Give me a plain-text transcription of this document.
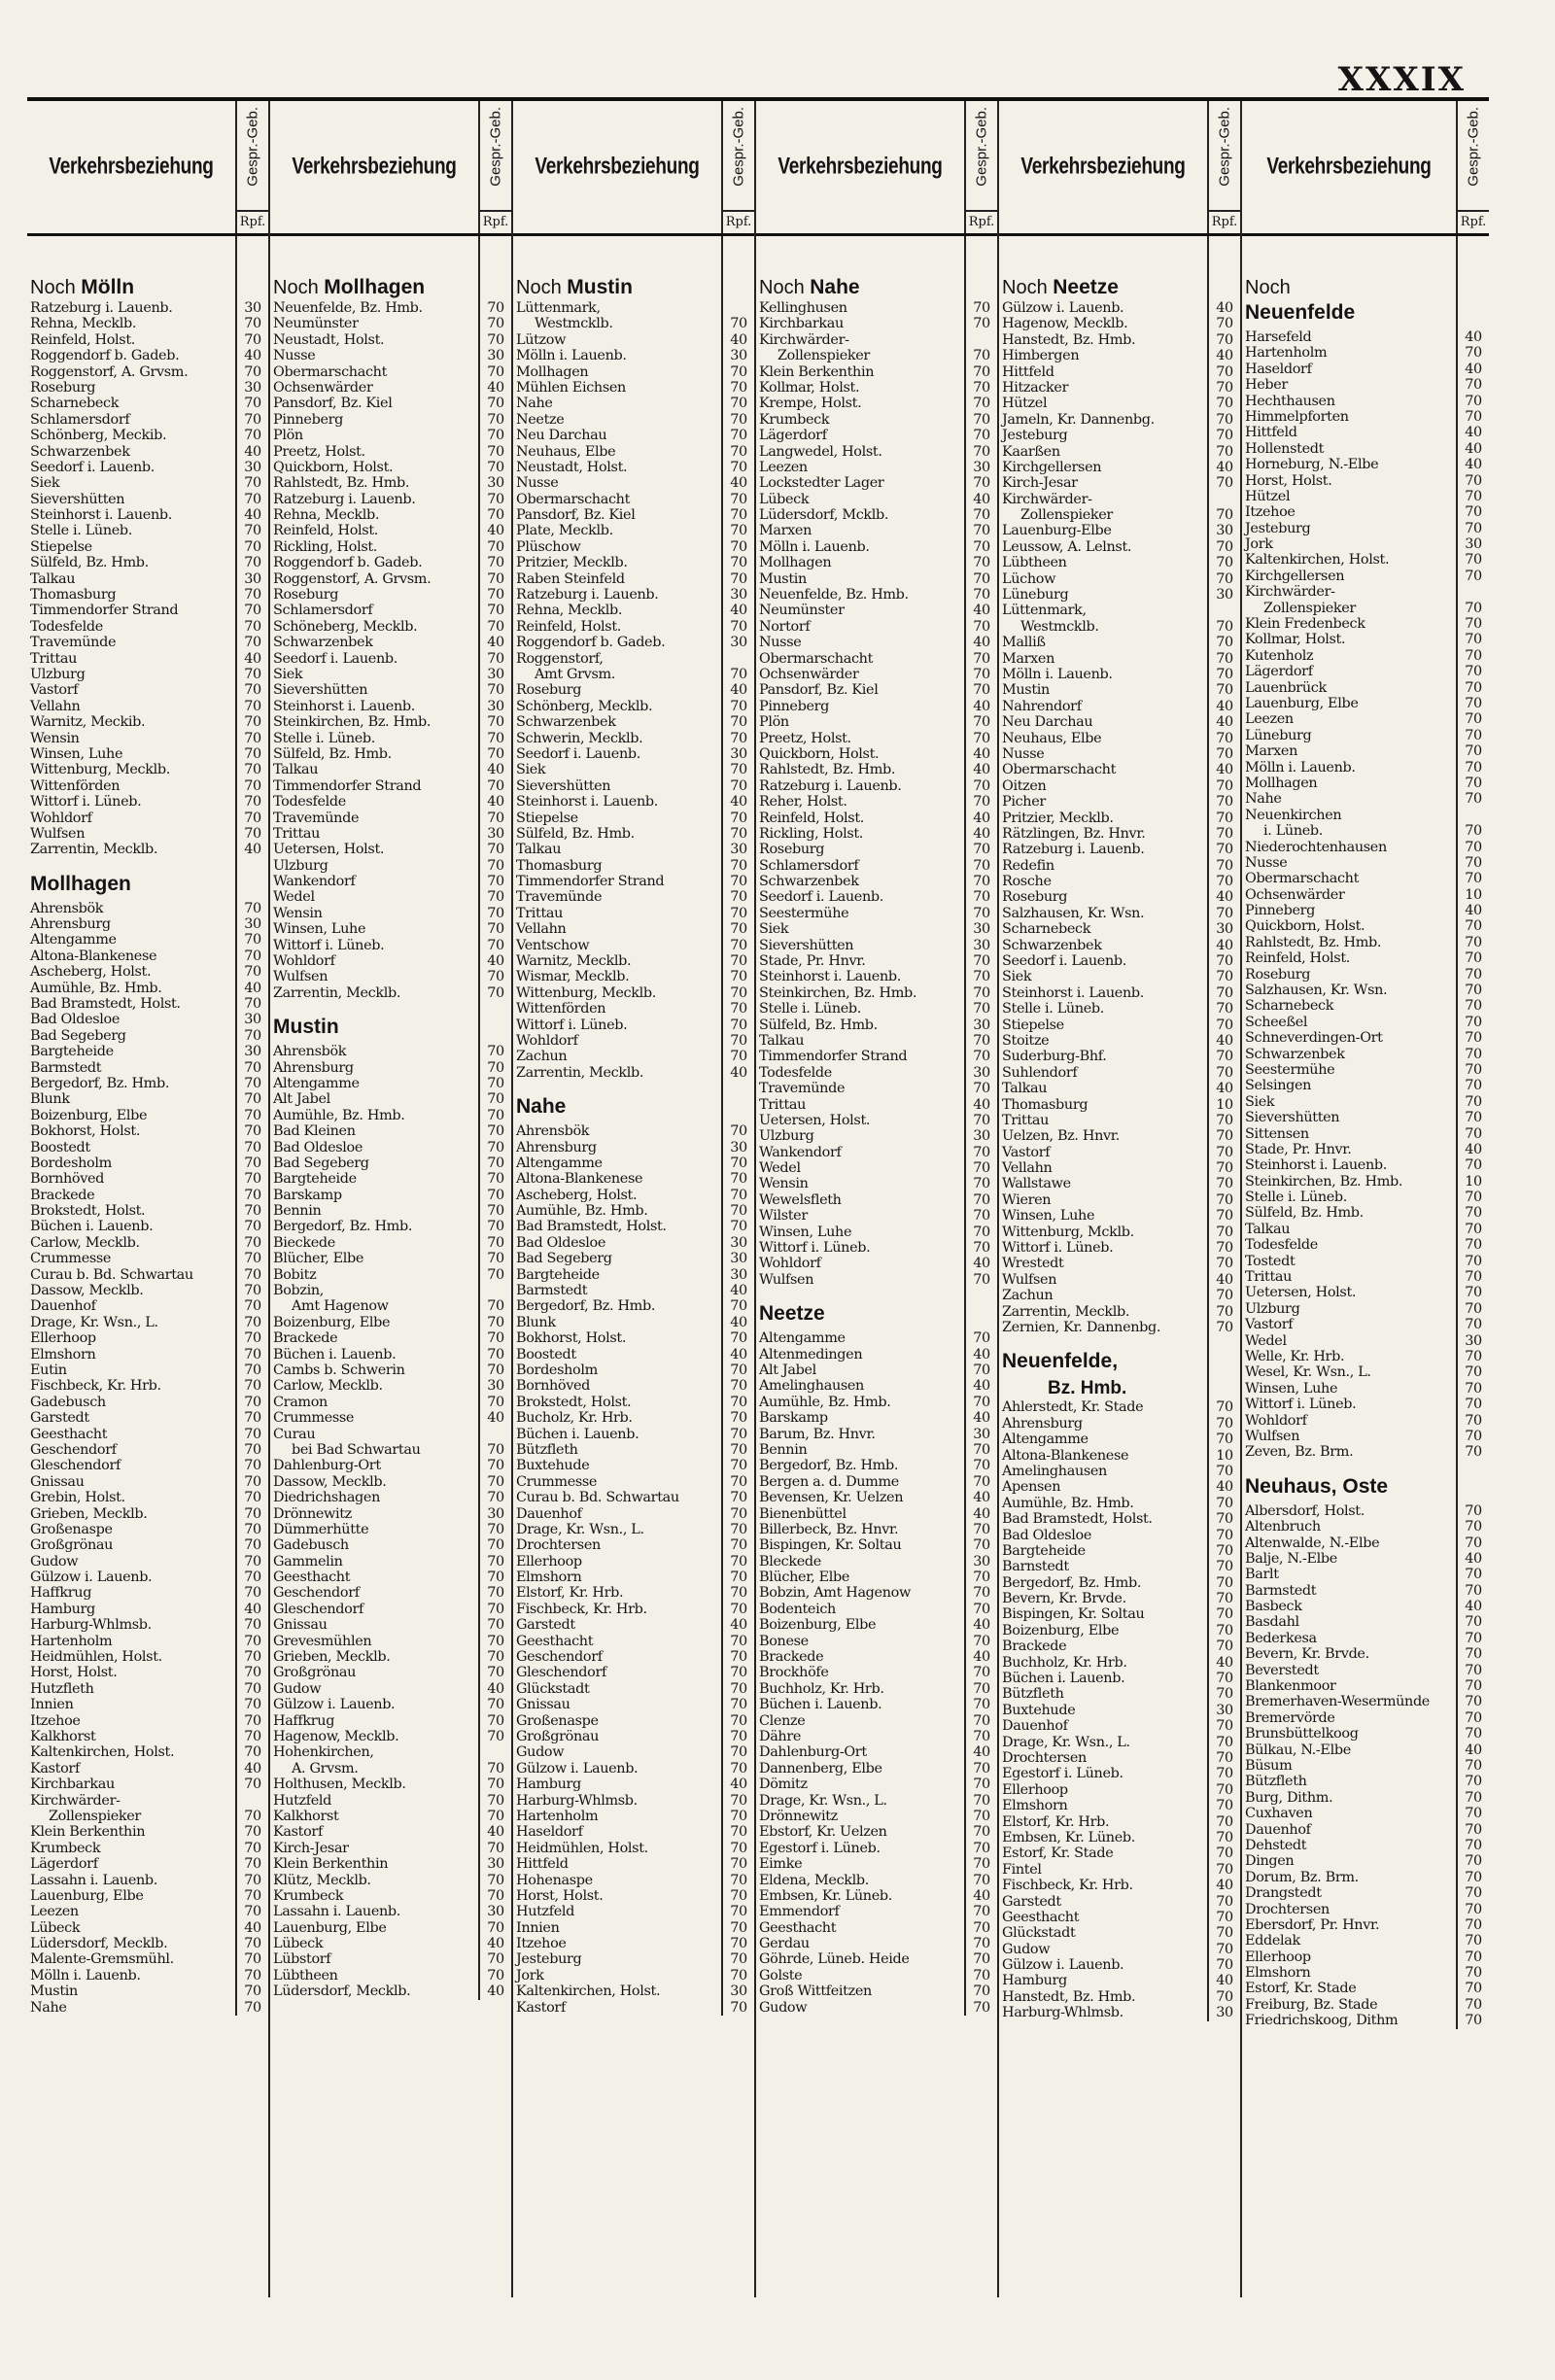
XXXIX
Verkehrsbeziehung	Gespr.-Geb.
Rpf.
Noch Mölln
Ratzeburg i. Lauenb.	30
Rehna, Mecklb.	70
Reinfeld, Holst.	70
Roggendorf b. Gadeb.	40
Roggenstorf, A. Grvsm.	70
Roseburg	30
Scharnebeck	70
Schlamersdorf	70
Schönberg, Meckib.	70
Schwarzenbek	40
Seedorf i. Lauenb.	30
Siek	70
Sievershütten	70
Steinhorst i. Lauenb.	40
Stelle i. Lüneb.	70
Stiepelse	70
Sülfeld, Bz. Hmb.	70
Talkau	30
Thomasburg	70
Timmendorfer Strand	70
Todesfelde	70
Travemünde	70
Trittau	40
Ulzburg	70
Vastorf	70
Vellahn	70
Warnitz, Meckib.	70
Wensin	70
Winsen, Luhe	70
Wittenburg, Mecklb.	70
Wittenförden	70
Wittorf i. Lüneb.	70
Wohldorf	70
Wulfsen	70
Zarrentin, Mecklb.	40
Mollhagen
Ahrensbök	70
Ahrensburg	30
Altengamme	70
Altona-Blankenese	70
Ascheberg, Holst.	70
Aumühle, Bz. Hmb.	40
Bad Bramstedt, Holst.	70
Bad Oldesloe	30
Bad Segeberg	70
Bargteheide	30
Barmstedt	70
Bergedorf, Bz. Hmb.	70
Blunk	70
Boizenburg, Elbe	70
Bokhorst, Holst.	70
Boostedt	70
Bordesholm	70
Bornhöved	70
Brackede	70
Brokstedt, Holst.	70
Büchen i. Lauenb.	70
Carlow, Mecklb.	70
Crummesse	70
Curau b. Bd. Schwartau	70
Dassow, Mecklb.	70
Dauenhof	70
Drage, Kr. Wsn., L.	70
Ellerhoop	70
Elmshorn	70
Eutin	70
Fischbeck, Kr. Hrb.	70
Gadebusch	70
Garstedt	70
Geesthacht	70
Geschendorf	70
Gleschendorf	70
Gnissau	70
Grebin, Holst.	70
Grieben, Mecklb.	70
Großenaspe	70
Großgrönau	70
Gudow	70
Gülzow i. Lauenb.	70
Haffkrug	70
Hamburg	40
Harburg-Whlmsb.	70
Hartenholm	70
Heidmühlen, Holst.	70
Horst, Holst.	70
Hutzfleth	70
Innien	70
Itzehoe	70
Kalkhorst	70
Kaltenkirchen, Holst.	70
Kastorf	40
Kirchbarkau	70
Kirchwärder-
Zollenspieker	70
Klein Berkenthin	70
Krumbeck	70
Lägerdorf	70
Lassahn i. Lauenb.	70
Lauenburg, Elbe	70
Leezen	70
Lübeck	40
Lüdersdorf, Mecklb.	70
Malente-Gremsmühl.	70
Mölln i. Lauenb.	70
Mustin	70
Nahe	70
Verkehrsbeziehung	Gespr.-Geb.
Rpf.
Noch Mollhagen
Neuenfelde, Bz. Hmb.	70
Neumünster	70
Neustadt, Holst.	70
Nusse	30
Obermarschacht	70
Ochsenwärder	40
Pansdorf, Bz. Kiel	70
Pinneberg	70
Plön	70
Preetz, Holst.	70
Quickborn, Holst.	70
Rahlstedt, Bz. Hmb.	30
Ratzeburg i. Lauenb.	70
Rehna, Mecklb.	70
Reinfeld, Holst.	40
Rickling, Holst.	70
Roggendorf b. Gadeb.	70
Roggenstorf, A. Grvsm.	70
Roseburg	70
Schlamersdorf	70
Schöneberg, Mecklb.	70
Schwarzenbek	40
Seedorf i. Lauenb.	70
Siek	30
Sievershütten	70
Steinhorst i. Lauenb.	30
Steinkirchen, Bz. Hmb.	70
Stelle i. Lüneb.	70
Sülfeld, Bz. Hmb.	70
Talkau	40
Timmendorfer Strand	70
Todesfelde	40
Travemünde	70
Trittau	30
Uetersen, Holst.	70
Ulzburg	70
Wankendorf	70
Wedel	70
Wensin	70
Winsen, Luhe	70
Wittorf i. Lüneb.	70
Wohldorf	40
Wulfsen	70
Zarrentin, Mecklb.	70
Mustin
Ahrensbök	70
Ahrensburg	70
Altengamme	70
Alt Jabel	70
Aumühle, Bz. Hmb.	70
Bad Kleinen	70
Bad Oldesloe	70
Bad Segeberg	70
Bargteheide	70
Barskamp	70
Bennin	70
Bergedorf, Bz. Hmb.	70
Bieckede	70
Blücher, Elbe	70
Bobitz	70
Bobzin,
Amt Hagenow	70
Boizenburg, Elbe	70
Brackede	70
Büchen i. Lauenb.	70
Cambs b. Schwerin	70
Carlow, Mecklb.	30
Cramon	70
Crummesse	40
Curau
bei Bad Schwartau	70
Dahlenburg-Ort	70
Dassow, Mecklb.	70
Diedrichshagen	70
Drönnewitz	30
Dümmerhütte	70
Gadebusch	70
Gammelin	70
Geesthacht	70
Geschendorf	70
Gleschendorf	70
Gnissau	70
Grevesmühlen	70
Grieben, Mecklb.	70
Großgrönau	70
Gudow	40
Gülzow i. Lauenb.	70
Haffkrug	70
Hagenow, Mecklb.	70
Hohenkirchen,
A. Grvsm.	70
Holthusen, Mecklb.	70
Hutzfeld	70
Kalkhorst	70
Kastorf	40
Kirch-Jesar	70
Klein Berkenthin	30
Klütz, Mecklb.	70
Krumbeck	70
Lassahn i. Lauenb.	30
Lauenburg, Elbe	70
Lübeck	40
Lübstorf	70
Lübtheen	70
Lüdersdorf, Mecklb.	40
Verkehrsbeziehung	Gespr.-Geb.
Rpf.
Noch Mustin
Lüttenmark,
Westmcklb.	70
Lützow	40
Mölln i. Lauenb.	30
Mollhagen	70
Mühlen Eichsen	70
Nahe	70
Neetze	70
Neu Darchau	70
Neuhaus, Elbe	70
Neustadt, Holst.	70
Nusse	40
Obermarschacht	70
Pansdorf, Bz. Kiel	70
Plate, Mecklb.	70
Plüschow	70
Pritzier, Mecklb.	70
Raben Steinfeld	70
Ratzeburg i. Lauenb.	30
Rehna, Mecklb.	40
Reinfeld, Holst.	70
Roggendorf b. Gadeb.	30
Roggenstorf,
Amt Grvsm.	70
Roseburg	40
Schönberg, Mecklb.	70
Schwarzenbek	70
Schwerin, Mecklb.	70
Seedorf i. Lauenb.	30
Siek	70
Sievershütten	70
Steinhorst i. Lauenb.	40
Stiepelse	70
Sülfeld, Bz. Hmb.	70
Talkau	30
Thomasburg	70
Timmendorfer Strand	70
Travemünde	70
Trittau	70
Vellahn	70
Ventschow	70
Warnitz, Mecklb.	70
Wismar, Mecklb.	70
Wittenburg, Mecklb.	70
Wittenförden	70
Wittorf i. Lüneb.	70
Wohldorf	70
Zachun	70
Zarrentin, Mecklb.	40
Nahe
Ahrensbök	70
Ahrensburg	30
Altengamme	70
Altona-Blankenese	70
Ascheberg, Holst.	70
Aumühle, Bz. Hmb.	70
Bad Bramstedt, Holst.	70
Bad Oldesloe	30
Bad Segeberg	30
Bargteheide	30
Barmstedt	40
Bergedorf, Bz. Hmb.	70
Blunk	40
Bokhorst, Holst.	70
Boostedt	40
Bordesholm	70
Bornhöved	70
Brokstedt, Holst.	70
Bucholz, Kr. Hrb.	70
Büchen i. Lauenb.	70
Bützfleth	70
Buxtehude	70
Crummesse	70
Curau b. Bd. Schwartau	70
Dauenhof	70
Drage, Kr. Wsn., L.	70
Drochtersen	70
Ellerhoop	70
Elmshorn	70
Elstorf, Kr. Hrb.	70
Fischbeck, Kr. Hrb.	70
Garstedt	40
Geesthacht	70
Geschendorf	70
Gleschendorf	70
Glückstadt	70
Gnissau	70
Großenaspe	70
Großgrönau	70
Gudow	70
Gülzow i. Lauenb.	70
Hamburg	40
Harburg-Whlmsb.	70
Hartenholm	70
Haseldorf	70
Heidmühlen, Holst.	70
Hittfeld	70
Hohenaspe	70
Horst, Holst.	70
Hutzfeld	70
Innien	70
Itzehoe	70
Jesteburg	70
Jork	70
Kaltenkirchen, Holst.	30
Kastorf	70
Verkehrsbeziehung	Gespr.-Geb.
Rpf.
Noch Nahe
Kellinghusen	70
Kirchbarkau	70
Kirchwärder-
Zollenspieker	70
Klein Berkenthin	70
Kollmar, Holst.	70
Krempe, Holst.	70
Krumbeck	70
Lägerdorf	70
Langwedel, Holst.	70
Leezen	30
Lockstedter Lager	70
Lübeck	40
Lüdersdorf, Mcklb.	70
Marxen	70
Mölln i. Lauenb.	70
Mollhagen	70
Mustin	70
Neuenfelde, Bz. Hmb.	70
Neumünster	40
Nortorf	70
Nusse	40
Obermarschacht	70
Ochsenwärder	70
Pansdorf, Bz. Kiel	70
Pinneberg	40
Plön	70
Preetz, Holst.	70
Quickborn, Holst.	40
Rahlstedt, Bz. Hmb.	40
Ratzeburg i. Lauenb.	70
Reher, Holst.	70
Reinfeld, Holst.	40
Rickling, Holst.	40
Roseburg	70
Schlamersdorf	70
Schwarzenbek	70
Seedorf i. Lauenb.	70
Seestermühe	70
Siek	30
Sievershütten	30
Stade, Pr. Hnvr.	70
Steinhorst i. Lauenb.	70
Steinkirchen, Bz. Hmb.	70
Stelle i. Lüneb.	70
Sülfeld, Bz. Hmb.	30
Talkau	70
Timmendorfer Strand	70
Todesfelde	30
Travemünde	70
Trittau	40
Uetersen, Holst.	70
Ulzburg	30
Wankendorf	70
Wedel	70
Wensin	70
Wewelsfleth	70
Wilster	70
Winsen, Luhe	70
Wittorf i. Lüneb.	70
Wohldorf	40
Wulfsen	70
Neetze
Altengamme	70
Altenmedingen	40
Alt Jabel	70
Amelinghausen	40
Aumühle, Bz. Hmb.	70
Barskamp	40
Barum, Bz. Hnvr.	30
Bennin	70
Bergedorf, Bz. Hmb.	70
Bergen a. d. Dumme	70
Bevensen, Kr. Uelzen	40
Bienenbüttel	40
Billerbeck, Bz. Hnvr.	70
Bispingen, Kr. Soltau	70
Bleckede	30
Blücher, Elbe	70
Bobzin, Amt Hagenow	70
Bodenteich	70
Boizenburg, Elbe	40
Bonese	70
Brackede	40
Brockhöfe	70
Buchholz, Kr. Hrb.	70
Büchen i. Lauenb.	70
Clenze	70
Dähre	70
Dahlenburg-Ort	40
Dannenberg, Elbe	70
Dömitz	70
Drage, Kr. Wsn., L.	70
Drönnewitz	70
Ebstorf, Kr. Uelzen	70
Egestorf i. Lüneb.	70
Eimke	70
Eldena, Mecklb.	70
Embsen, Kr. Lüneb.	40
Emmendorf	70
Geesthacht	70
Gerdau	70
Göhrde, Lüneb. Heide	70
Golste	70
Groß Wittfeitzen	70
Gudow	70
Verkehrsbeziehung	Gespr.-Geb.
Rpf.
Noch Neetze
Gülzow i. Lauenb.	40
Hagenow, Mecklb.	70
Hanstedt, Bz. Hmb.	70
Himbergen	40
Hittfeld	70
Hitzacker	70
Hützel	70
Jameln, Kr. Dannenbg.	70
Jesteburg	70
Kaarßen	70
Kirchgellersen	40
Kirch-Jesar	70
Kirchwärder-
Zollenspieker	70
Lauenburg-Elbe	30
Leussow, A. Lelnst.	70
Lübtheen	70
Lüchow	70
Lüneburg	30
Lüttenmark,
Westmcklb.	70
Malliß	70
Marxen	70
Mölln i. Lauenb.	70
Mustin	70
Nahrendorf	40
Neu Darchau	40
Neuhaus, Elbe	70
Nusse	70
Obermarschacht	40
Oitzen	70
Picher	70
Pritzier, Mecklb.	70
Rätzlingen, Bz. Hnvr.	70
Ratzeburg i. Lauenb.	70
Redefin	70
Rosche	70
Roseburg	40
Salzhausen, Kr. Wsn.	70
Scharnebeck	30
Schwarzenbek	40
Seedorf i. Lauenb.	70
Siek	70
Steinhorst i. Lauenb.	70
Stelle i. Lüneb.	70
Stiepelse	70
Stoitze	40
Suderburg-Bhf.	70
Suhlendorf	70
Talkau	40
Thomasburg	10
Trittau	70
Uelzen, Bz. Hnvr.	70
Vastorf	70
Vellahn	70
Wallstawe	70
Wieren	70
Winsen, Luhe	70
Wittenburg, Mcklb.	70
Wittorf i. Lüneb.	70
Wrestedt	70
Wulfsen	40
Zachun	70
Zarrentin, Mecklb.	70
Zernien, Kr. Dannenbg.	70
Neuenfelde,
Bz. Hmb.
Ahlerstedt, Kr. Stade	70
Ahrensburg	70
Altengamme	70
Altona-Blankenese	10
Amelinghausen	70
Apensen	40
Aumühle, Bz. Hmb.	70
Bad Bramstedt, Holst.	70
Bad Oldesloe	70
Bargteheide	70
Barnstedt	70
Bergedorf, Bz. Hmb.	70
Bevern, Kr. Brvde.	70
Bispingen, Kr. Soltau	70
Boizenburg, Elbe	70
Brackede	70
Buchholz, Kr. Hrb.	40
Büchen i. Lauenb.	70
Bützfleth	70
Buxtehude	30
Dauenhof	70
Drage, Kr. Wsn., L.	70
Drochtersen	70
Egestorf i. Lüneb.	70
Ellerhoop	70
Elmshorn	70
Elstorf, Kr. Hrb.	70
Embsen, Kr. Lüneb.	70
Estorf, Kr. Stade	70
Fintel	70
Fischbeck, Kr. Hrb.	40
Garstedt	70
Geesthacht	70
Glückstadt	70
Gudow	70
Gülzow i. Lauenb.	70
Hamburg	40
Hanstedt, Bz. Hmb.	70
Harburg-Whlmsb.	30
Verkehrsbeziehung	Gespr.-Geb.
Rpf.
Noch
Neuenfelde
Harsefeld	40
Hartenholm	70
Haseldorf	40
Heber	70
Hechthausen	70
Himmelpforten	70
Hittfeld	40
Hollenstedt	40
Horneburg, N.-Elbe	40
Horst, Holst.	70
Hützel	70
Itzehoe	70
Jesteburg	70
Jork	30
Kaltenkirchen, Holst.	70
Kirchgellersen	70
Kirchwärder-
Zollenspieker	70
Klein Fredenbeck	70
Kollmar, Holst.	70
Kutenholz	70
Lägerdorf	70
Lauenbrück	70
Lauenburg, Elbe	70
Leezen	70
Lüneburg	70
Marxen	70
Mölln i. Lauenb.	70
Mollhagen	70
Nahe	70
Neuenkirchen
i. Lüneb.	70
Niederochtenhausen	70
Nusse	70
Obermarschacht	70
Ochsenwärder	10
Pinneberg	40
Quickborn, Holst.	70
Rahlstedt, Bz. Hmb.	70
Reinfeld, Holst.	70
Roseburg	70
Salzhausen, Kr. Wsn.	70
Scharnebeck	70
Scheeßel	70
Schneverdingen-Ort	70
Schwarzenbek	70
Seestermühe	70
Selsingen	70
Siek	70
Sievershütten	70
Sittensen	70
Stade, Pr. Hnvr.	40
Steinhorst i. Lauenb.	70
Steinkirchen, Bz. Hmb.	10
Stelle i. Lüneb.	70
Sülfeld, Bz. Hmb.	70
Talkau	70
Todesfelde	70
Tostedt	70
Trittau	70
Uetersen, Holst.	70
Ulzburg	70
Vastorf	70
Wedel	30
Welle, Kr. Hrb.	70
Wesel, Kr. Wsn., L.	70
Winsen, Luhe	70
Wittorf i. Lüneb.	70
Wohldorf	70
Wulfsen	70
Zeven, Bz. Brm.	70
Neuhaus, Oste
Albersdorf, Holst.	70
Altenbruch	70
Altenwalde, N.-Elbe	70
Balje, N.-Elbe	40
Barlt	70
Barmstedt	70
Basbeck	40
Basdahl	70
Bederkesa	70
Bevern, Kr. Brvde.	70
Beverstedt	70
Blankenmoor	70
Bremerhaven-Wesermünde	70
Bremervörde	70
Brunsbüttelkoog	70
Bülkau, N.-Elbe	40
Büsum	70
Bützfleth	70
Burg, Dithm.	70
Cuxhaven	70
Dauenhof	70
Dehstedt	70
Dingen	70
Dorum, Bz. Brm.	70
Drangstedt	70
Drochtersen	70
Ebersdorf, Pr. Hnvr.	70
Eddelak	70
Ellerhoop	70
Elmshorn	70
Estorf, Kr. Stade	70
Freiburg, Bz. Stade	70
Friedrichskoog, Dithm	70
